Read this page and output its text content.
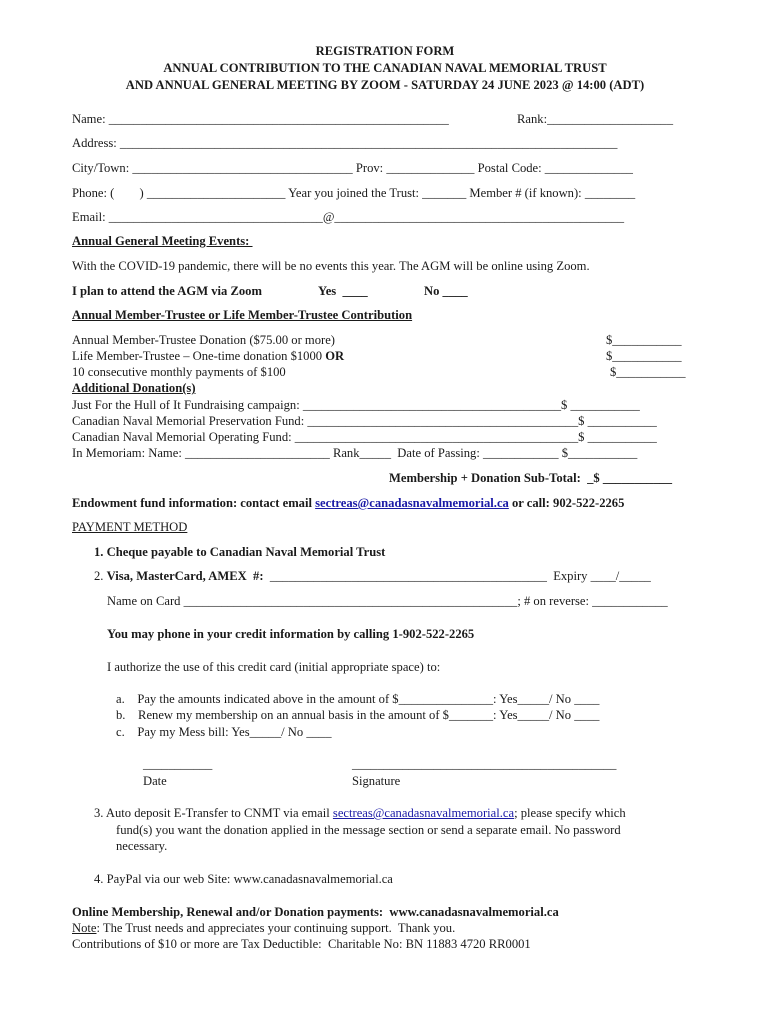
REGISTRATION FORM
ANNUAL CONTRIBUTION TO THE CANADIAN NAVAL MEMORIAL TRUST
AND ANNUAL GENERAL MEETING BY ZOOM - SATURDAY 24 JUNE 2023 @ 14:00 (ADT)
Name: ______________________________________________________	Rank:____________________
Address: _______________________________________________________________________________
City/Town: ___________________________________ Prov: ______________ Postal Code: ______________
Phone: (        ) ______________________ Year you joined the Trust: _______ Member # (if known): ________
Email: __________________________________@______________________________________________
Annual General Meeting Events:
With the COVID-19 pandemic, there will be no events this year. The AGM will be online using Zoom.
I plan to attend the AGM via Zoom	Yes  ____	No ____
Annual Member-Trustee or Life Member-Trustee Contribution
Annual Member-Trustee Donation ($75.00 or more)	$___________
Life Member-Trustee – One-time donation $1000 OR	$___________
10 consecutive monthly payments of $100	$___________
Additional Donation(s)
Just For the Hull of It Fundraising campaign: _________________________________________$ ___________
Canadian Naval Memorial Preservation Fund: ___________________________________________$ ___________
Canadian Naval Memorial Operating Fund: _____________________________________________$ ___________
In Memoriam: Name: _______________________ Rank_____  Date of Passing: ____________ $___________
Membership + Donation Sub-Total:  _$ ___________
Endowment fund information: contact email sectreas@canadasnavalmemorial.ca or call: 902-522-2265
PAYMENT METHOD
1. Cheque payable to Canadian Naval Memorial Trust
2. Visa, MasterCard, AMEX  #:  ____________________________________________  Expiry ____/_____
Name on Card _____________________________________________________; # on reverse: ____________
You may phone in your credit information by calling 1-902-522-2265
I authorize the use of this credit card (initial appropriate space) to:
a.    Pay the amounts indicated above in the amount of $_______________: Yes_____/ No ____
b.    Renew my membership on an annual basis in the amount of $_______: Yes_____/ No ____
c.    Pay my Mess bill: Yes_____/ No ____
___________	__________________________________________
Date	Signature
3. Auto deposit E-Transfer to CNMT via email sectreas@canadasnavalmemorial.ca; please specify which
fund(s) you want the donation applied in the message section or send a separate email. No password
necessary.
4. PayPal via our web Site: www.canadasnavalmemorial.ca
Online Membership, Renewal and/or Donation payments:  www.canadasnavalmemorial.ca
Note: The Trust needs and appreciates your continuing support.  Thank you.
Contributions of $10 or more are Tax Deductible:  Charitable No: BN 11883 4720 RR0001
